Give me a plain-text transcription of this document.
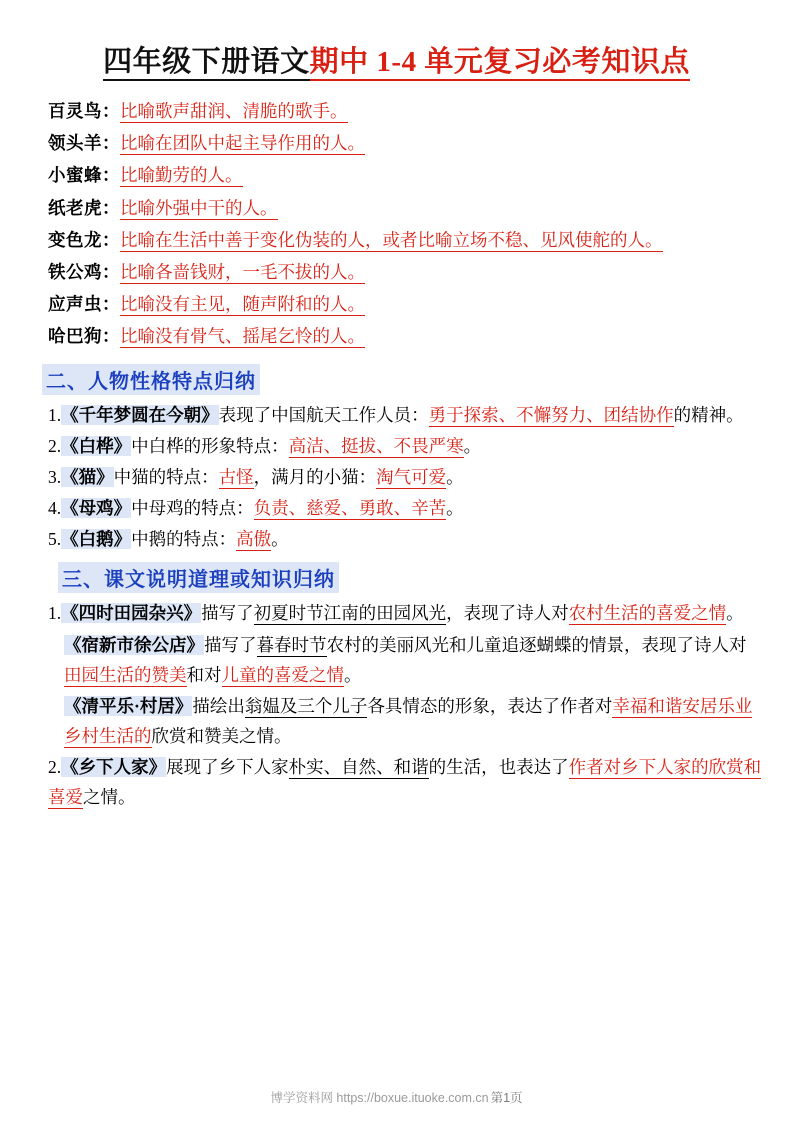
四年级下册语文期中 1-4 单元复习必考知识点
百灵鸟：比喻歌声甜润、清脆的歌手。
领头羊：比喻在团队中起主导作用的人。
小蜜蜂：比喻勤劳的人。
纸老虎：比喻外强中干的人。
变色龙：比喻在生活中善于变化伪装的人，或者比喻立场不稳、见风使舵的人。
铁公鸡：比喻各啬钱财，一毛不拔的人。
应声虫：比喻没有主见，随声附和的人。
哈巴狗：比喻没有骨气、摇尾乞怜的人。
二、人物性格特点归纳
1.《千年梦圆在今朝》表现了中国航天工作人员：勇于探索、不懈努力、团结协作的精神。
2.《白桦》中白桦的形象特点：高洁、挺拔、不畏严寒。
3.《猫》中猫的特点：古怪，满月的小猫：淘气可爱。
4.《母鸡》中母鸡的特点：负责、慈爱、勇敢、辛苦。
5.《白鹅》中鹅的特点：高傲。
三、课文说明道理或知识归纳
1.《四时田园杂兴》描写了初夏时节江南的田园风光，表现了诗人对农村生活的喜爱之情。
《宿新市徐公店》描写了暮春时节农村的美丽风光和儿童追逐蝴蝶的情景，表现了诗人对田园生活的赞美和对儿童的喜爱之情。
《清平乐·村居》描绘出翁媪及三个儿子各具情态的形象，表达了作者对幸福和谐安居乐业乡村生活的欣赏和赞美之情。
2.《乡下人家》展现了乡下人家朴实、自然、和谐的生活，也表达了作者对乡下人家的欣赏和喜爱之情。
博学资料网 https://boxue.ituoke.com.cn 第1页
